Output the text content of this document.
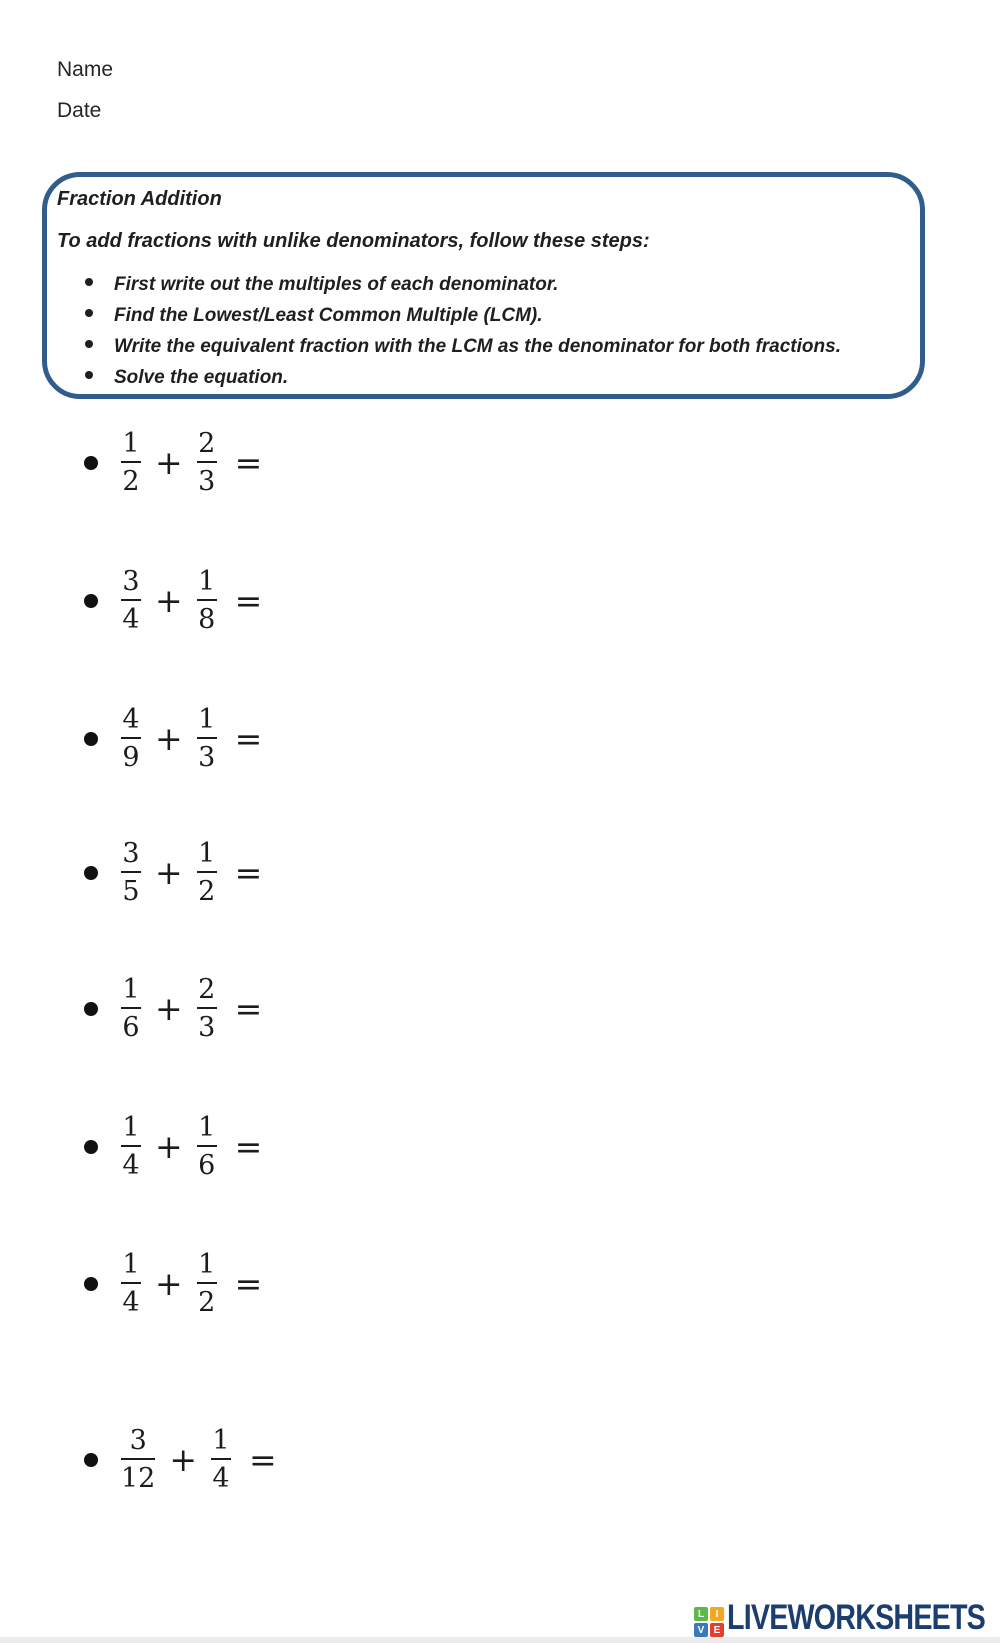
Name
Date
Fraction Addition
To add fractions with unlike denominators, follow these steps:
First write out the multiples of each denominator.
Find the Lowest/Least Common Multiple (LCM).
Write the equivalent fraction with the LCM as the denominator for both fractions.
Solve the equation.
$\frac{1}{2} + \frac{2}{3}$ =
$\frac{3}{4} + \frac{1}{8}$ =
$\frac{4}{9} + \frac{1}{3}$ =
$\frac{3}{5} + \frac{1}{2}$ =
$\frac{1}{6} + \frac{2}{3}$ =
$\frac{1}{4} + \frac{1}{6}$ =
$\frac{1}{4} + \frac{1}{2}$ =
$\frac{3}{12} + \frac{1}{4}$ =
L	I
V E LIVEWORKSHEETS
